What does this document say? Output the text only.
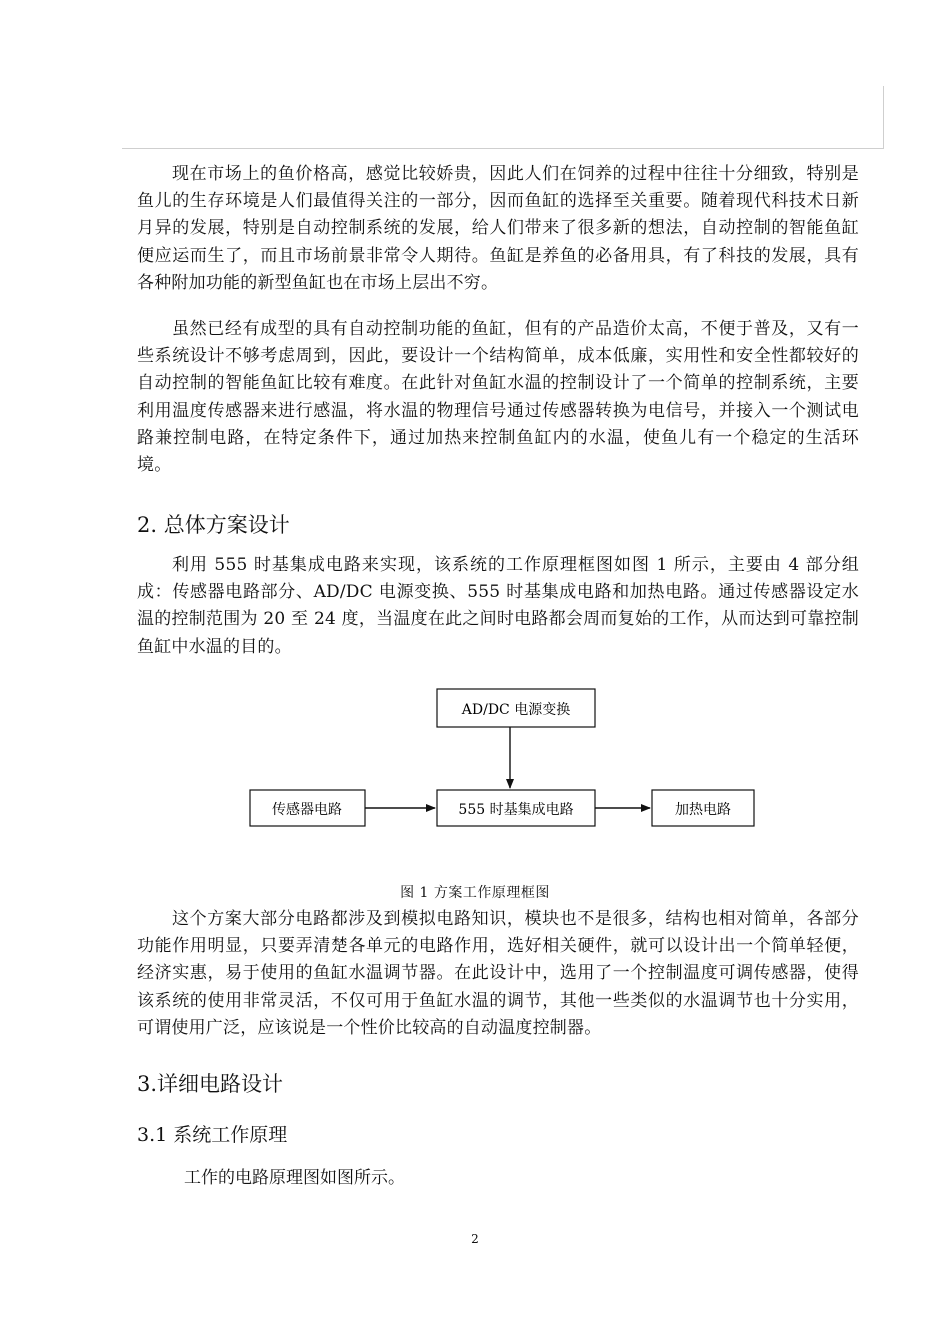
现在市场上的鱼价格高，感觉比较娇贵，因此人们在饲养的过程中往往十分细致，特别是鱼儿的生存环境是人们最值得关注的一部分，因而鱼缸的选择至关重要。随着现代科技术日新月异的发展，特别是自动控制系统的发展，给人们带来了很多新的想法，自动控制的智能鱼缸便应运而生了，而且市场前景非常令人期待。鱼缸是养鱼的必备用具，有了科技的发展，具有各种附加功能的新型鱼缸也在市场上层出不穷。

虽然已经有成型的具有自动控制功能的鱼缸，但有的产品造价太高，不便于普及，又有一些系统设计不够考虑周到，因此，要设计一个结构简单，成本低廉，实用性和安全性都较好的自动控制的智能鱼缸比较有难度。在此针对鱼缸水温的控制设计了一个简单的控制系统，主要利用温度传感器来进行感温，将水温的物理信号通过传感器转换为电信号，并接入一个测试电路兼控制电路，在特定条件下，通过加热来控制鱼缸内的水温，使鱼儿有一个稳定的生活环境。

2. 总体方案设计

利用 555 时基集成电路来实现，该系统的工作原理框图如图 1 所示，主要由 4 部分组成：传感器电路部分、AD/DC 电源变换、555 时基集成电路和加热电路。通过传感器设定水温的控制范围为 20 至 24 度，当温度在此之间时电路都会周而复始的工作，从而达到可靠控制鱼缸中水温的目的。

AD/DC 电源变换
传感器电路	555 时基集成电路	加热电路
图 1 方案工作原理框图

这个方案大部分电路都涉及到模拟电路知识，模块也不是很多，结构也相对简单，各部分功能作用明显，只要弄清楚各单元的电路作用，选好相关硬件，就可以设计出一个简单轻便，经济实惠，易于使用的鱼缸水温调节器。在此设计中，选用了一个控制温度可调传感器，使得该系统的使用非常灵活，不仅可用于鱼缸水温的调节，其他一些类似的水温调节也十分实用，可谓使用广泛，应该说是一个性价比较高的自动温度控制器。

3.详细电路设计
3.1 系统工作原理

工作的电路原理图如图所示。

2
